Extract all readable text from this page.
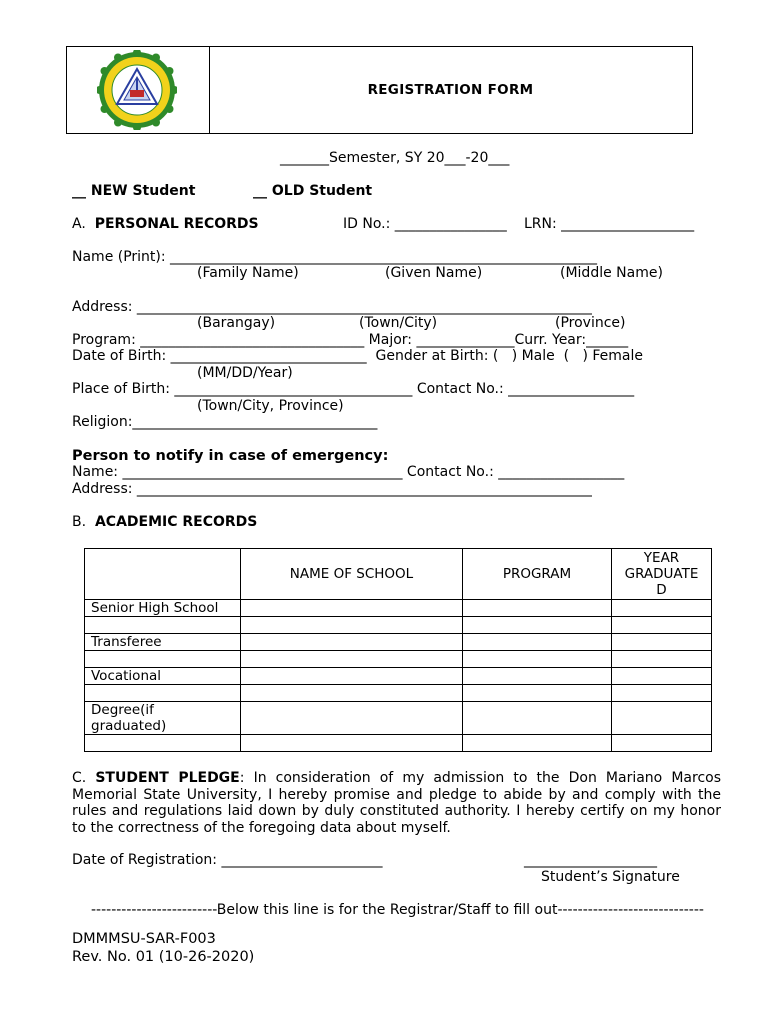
REGISTRATION FORM
_______Semester, SY 20___-20___
__ NEW Student	__ OLD Student
A. PERSONAL RECORDS	ID No.: ________________ LRN: ___________________
Name (Print): _____________________________________________________________
(Family Name)	(Given Name)	(Middle Name)
Address: _________________________________________________________________
(Barangay)	(Town/City)	(Province)
Program: ________________________________ Major: ______________Curr. Year:______
Date of Birth: ____________________________  Gender at Birth: (   ) Male  (   ) Female
(MM/DD/Year)
Place of Birth: __________________________________ Contact No.: __________________
(Town/City, Province)
Religion:___________________________________
Person to notify in case of emergency:
Name: ________________________________________ Contact No.: __________________
Address: _________________________________________________________________
B. ACADEMIC RECORDS
	NAME OF SCHOOL	PROGRAM	YEAR
GRADUATE
D
Senior High School			

Transferee			

Vocational			

Degree(if
graduated)			

C. STUDENT PLEDGE: In consideration of my admission to the Don Mariano Marcos Memorial State University, I hereby promise and pledge to abide by and comply with the rules and regulations laid down by duly constituted authority. I hereby certify on my honor to the correctness of the foregoing data about myself.
Date of Registration: _______________________	___________________
Student’s Signature
-------------------------Below this line is for the Registrar/Staff to fill out-----------------------------
DMMMSU-SAR-F003
Rev. No. 01 (10-26-2020)
